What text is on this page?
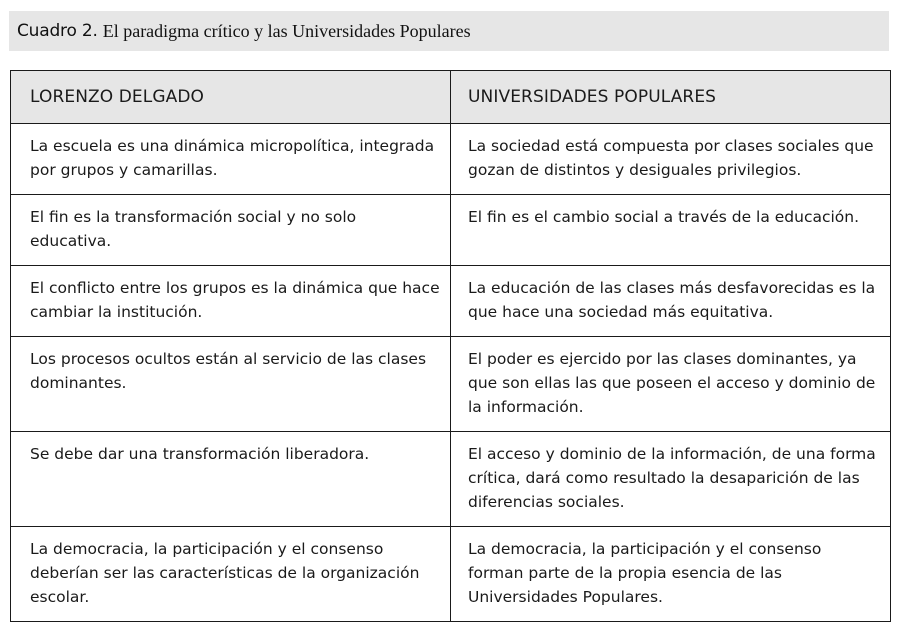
Cuadro 2. El paradigma crítico y las Universidades Populares
LORENZO DELGADO	UNIVERSIDADES POPULARES
La escuela es una dinámica micropolítica, integrada por grupos y camarillas.	La sociedad está compuesta por clases sociales que gozan de distintos y desiguales privilegios.
El fin es la transformación social y no solo educativa.	El fin es el cambio social a través de la educación.
El conflicto entre los grupos es la dinámica que hace cambiar la institución.	La educación de las clases más desfavorecidas es la que hace una sociedad más equitativa.
Los procesos ocultos están al servicio de las clases dominantes.	El poder es ejercido por las clases dominantes, ya que son ellas las que poseen el acceso y dominio de la información.
Se debe dar una transformación liberadora.	El acceso y dominio de la información, de una forma crítica, dará como resultado la desaparición de las diferencias sociales.
La democracia, la participación y el consenso deberían ser las características de la organización escolar.	La democracia, la participación y el consenso forman parte de la propia esencia de las Universidades Populares.
